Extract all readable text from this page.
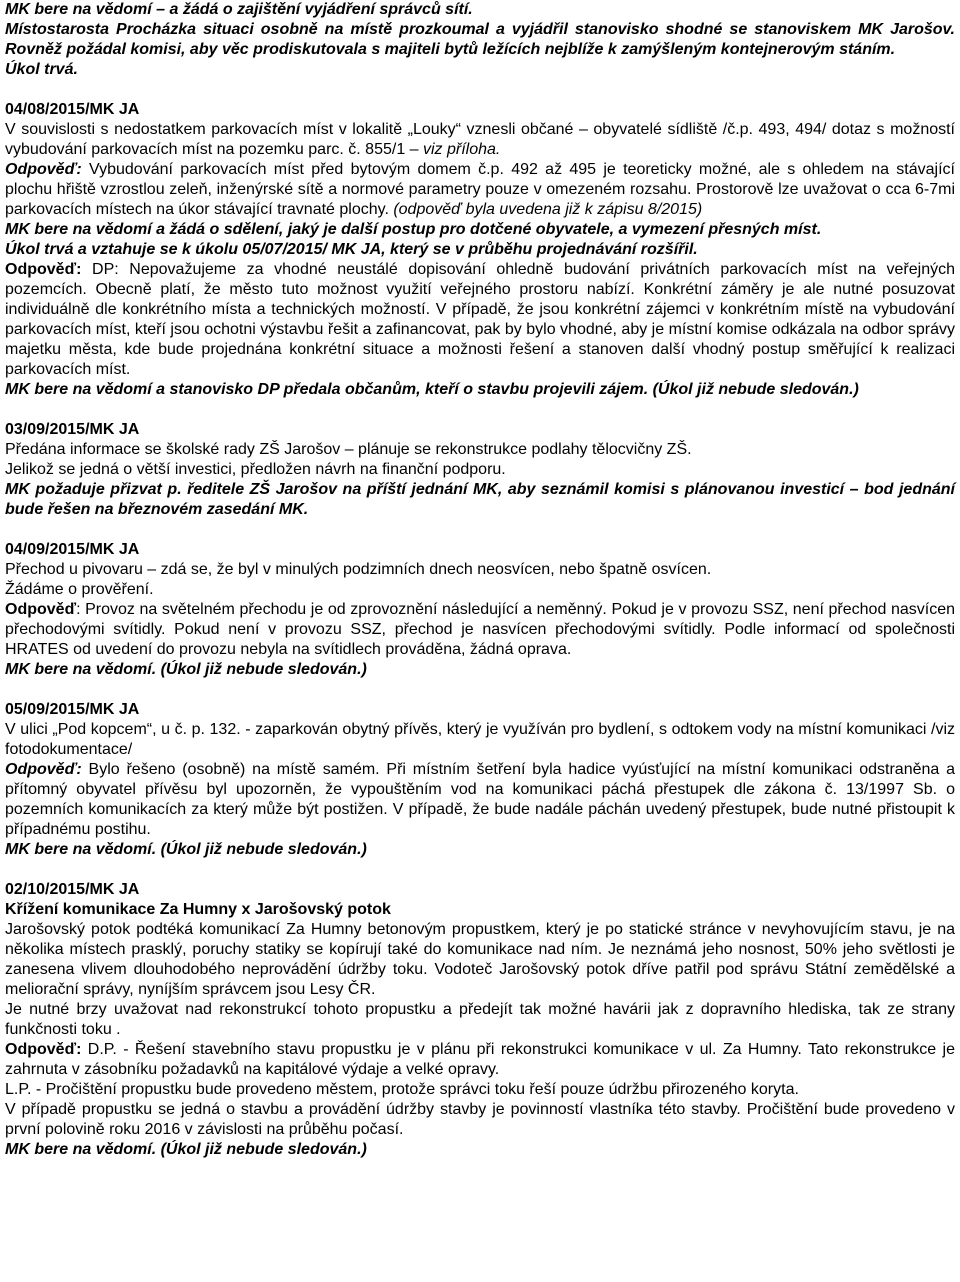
MK bere na vědomí – a žádá o zajištění vyjádření správců sítí.

Místostarosta Procházka situaci osobně na místě prozkoumal a vyjádřil stanovisko shodné se stanoviskem MK Jarošov. Rovněž požádal komisi, aby věc prodiskutovala s majiteli bytů ležících nejblíže k zamýšleným kontejnerovým stáním.

Úkol trvá.

04/08/2015/MK JA

V souvislosti s nedostatkem parkovacích míst v lokalitě „Louky“ vznesli občané – obyvatelé sídliště /č.p. 493, 494/ dotaz s možností vybudování parkovacích míst na pozemku parc. č. 855/1 – viz příloha.

Odpověď: Vybudování parkovacích míst před bytovým domem č.p. 492 až 495 je teoreticky možné, ale s ohledem na stávající plochu hřiště vzrostlou zeleň, inženýrské sítě a normové parametry pouze v omezeném rozsahu. Prostorově lze uvažovat o cca 6-7mi parkovacích místech na úkor stávající travnaté plochy. (odpověď byla uvedena již k zápisu 8/2015)

MK bere na vědomí a žádá o sdělení, jaký je další postup pro dotčené obyvatele, a vymezení přesných míst.

Úkol trvá a vztahuje se k úkolu 05/07/2015/ MK JA, který se v průběhu projednávání rozšířil.

Odpověď: DP: Nepovažujeme za vhodné neustálé dopisování ohledně budování privátních parkovacích míst na veřejných pozemcích. Obecně platí, že město tuto možnost využití veřejného prostoru nabízí. Konkrétní záměry je ale nutné posuzovat individuálně dle konkrétního místa a technických možností. V případě, že jsou konkrétní zájemci v konkrétním místě na vybudování parkovacích míst, kteří jsou ochotni výstavbu řešit a zafinancovat, pak by bylo vhodné, aby je místní komise odkázala na odbor správy majetku města, kde bude projednána konkrétní situace a možnosti řešení a stanoven další vhodný postup směřující k realizaci parkovacích míst.

MK bere na vědomí a stanovisko DP předala občanům, kteří o stavbu projevili zájem. (Úkol již nebude sledován.)

03/09/2015/MK JA

Předána informace se školské rady ZŠ Jarošov – plánuje se rekonstrukce podlahy tělocvičny ZŠ.

Jelikož se jedná o větší investici, předložen návrh na finanční podporu.

MK požaduje přizvat p. ředitele ZŠ Jarošov na příští jednání MK, aby seznámil komisi s plánovanou investicí – bod jednání bude řešen na březnovém zasedání MK.

04/09/2015/MK JA

Přechod u pivovaru – zdá se, že byl v minulých podzimních dnech neosvícen, nebo špatně osvícen.

Žádáme o prověření.

Odpověď: Provoz na světelném přechodu je od zprovoznění následující a neměnný. Pokud je v provozu SSZ, není přechod nasvícen přechodovými svítidly. Pokud není v provozu SSZ, přechod je nasvícen přechodovými svítidly. Podle informací od společnosti HRATES od uvedení do provozu nebyla na svítidlech prováděna, žádná oprava.

MK bere na vědomí. (Úkol již nebude sledován.)

05/09/2015/MK JA

V ulici „Pod kopcem“, u č. p. 132. - zaparkován obytný přívěs, který je využíván pro bydlení, s odtokem vody na místní komunikaci /viz fotodokumentace/

Odpověď: Bylo řešeno (osobně) na místě samém. Při místním šetření byla hadice vyúsťující na místní komunikaci odstraněna a přítomný obyvatel přívěsu byl upozorněn, že vypouštěním vod na komunikaci páchá přestupek dle zákona č. 13/1997 Sb. o pozemních komunikacích za který může být postižen. V případě, že bude nadále páchán uvedený přestupek, bude nutné přistoupit k případnému postihu.

MK bere na vědomí. (Úkol již nebude sledován.)

02/10/2015/MK JA

Křížení komunikace Za Humny x Jarošovský potok

Jarošovský potok podtéká komunikací Za Humny betonovým propustkem, který je po statické stránce v nevyhovujícím stavu, je na několika místech prasklý, poruchy statiky se kopírují také do komunikace nad ním. Je neznámá jeho nosnost, 50% jeho světlosti je zanesena vlivem dlouhodobého neprovádění údržby toku. Vodoteč Jarošovský potok dříve patřil pod správu Státní zemědělské a meliorační správy, nyníjším správcem jsou Lesy ČR.

Je nutné brzy uvažovat nad rekonstrukcí tohoto propustku a předejít tak možné havárii jak z dopravního hlediska, tak ze strany funkčnosti toku .

Odpověď: D.P. - Řešení stavebního stavu propustku je v plánu při rekonstrukci komunikace v ul. Za Humny. Tato rekonstrukce je zahrnuta v zásobníku požadavků na kapitálové výdaje a velké opravy.

L.P. - Pročištění propustku bude provedeno městem, protože správci toku řeší pouze údržbu přirozeného koryta.

V případě propustku se jedná o stavbu a provádění údržby stavby je povinností vlastníka této stavby. Pročištění bude provedeno v první polovině roku 2016 v závislosti na průběhu počasí.

MK bere na vědomí. (Úkol již nebude sledován.)
